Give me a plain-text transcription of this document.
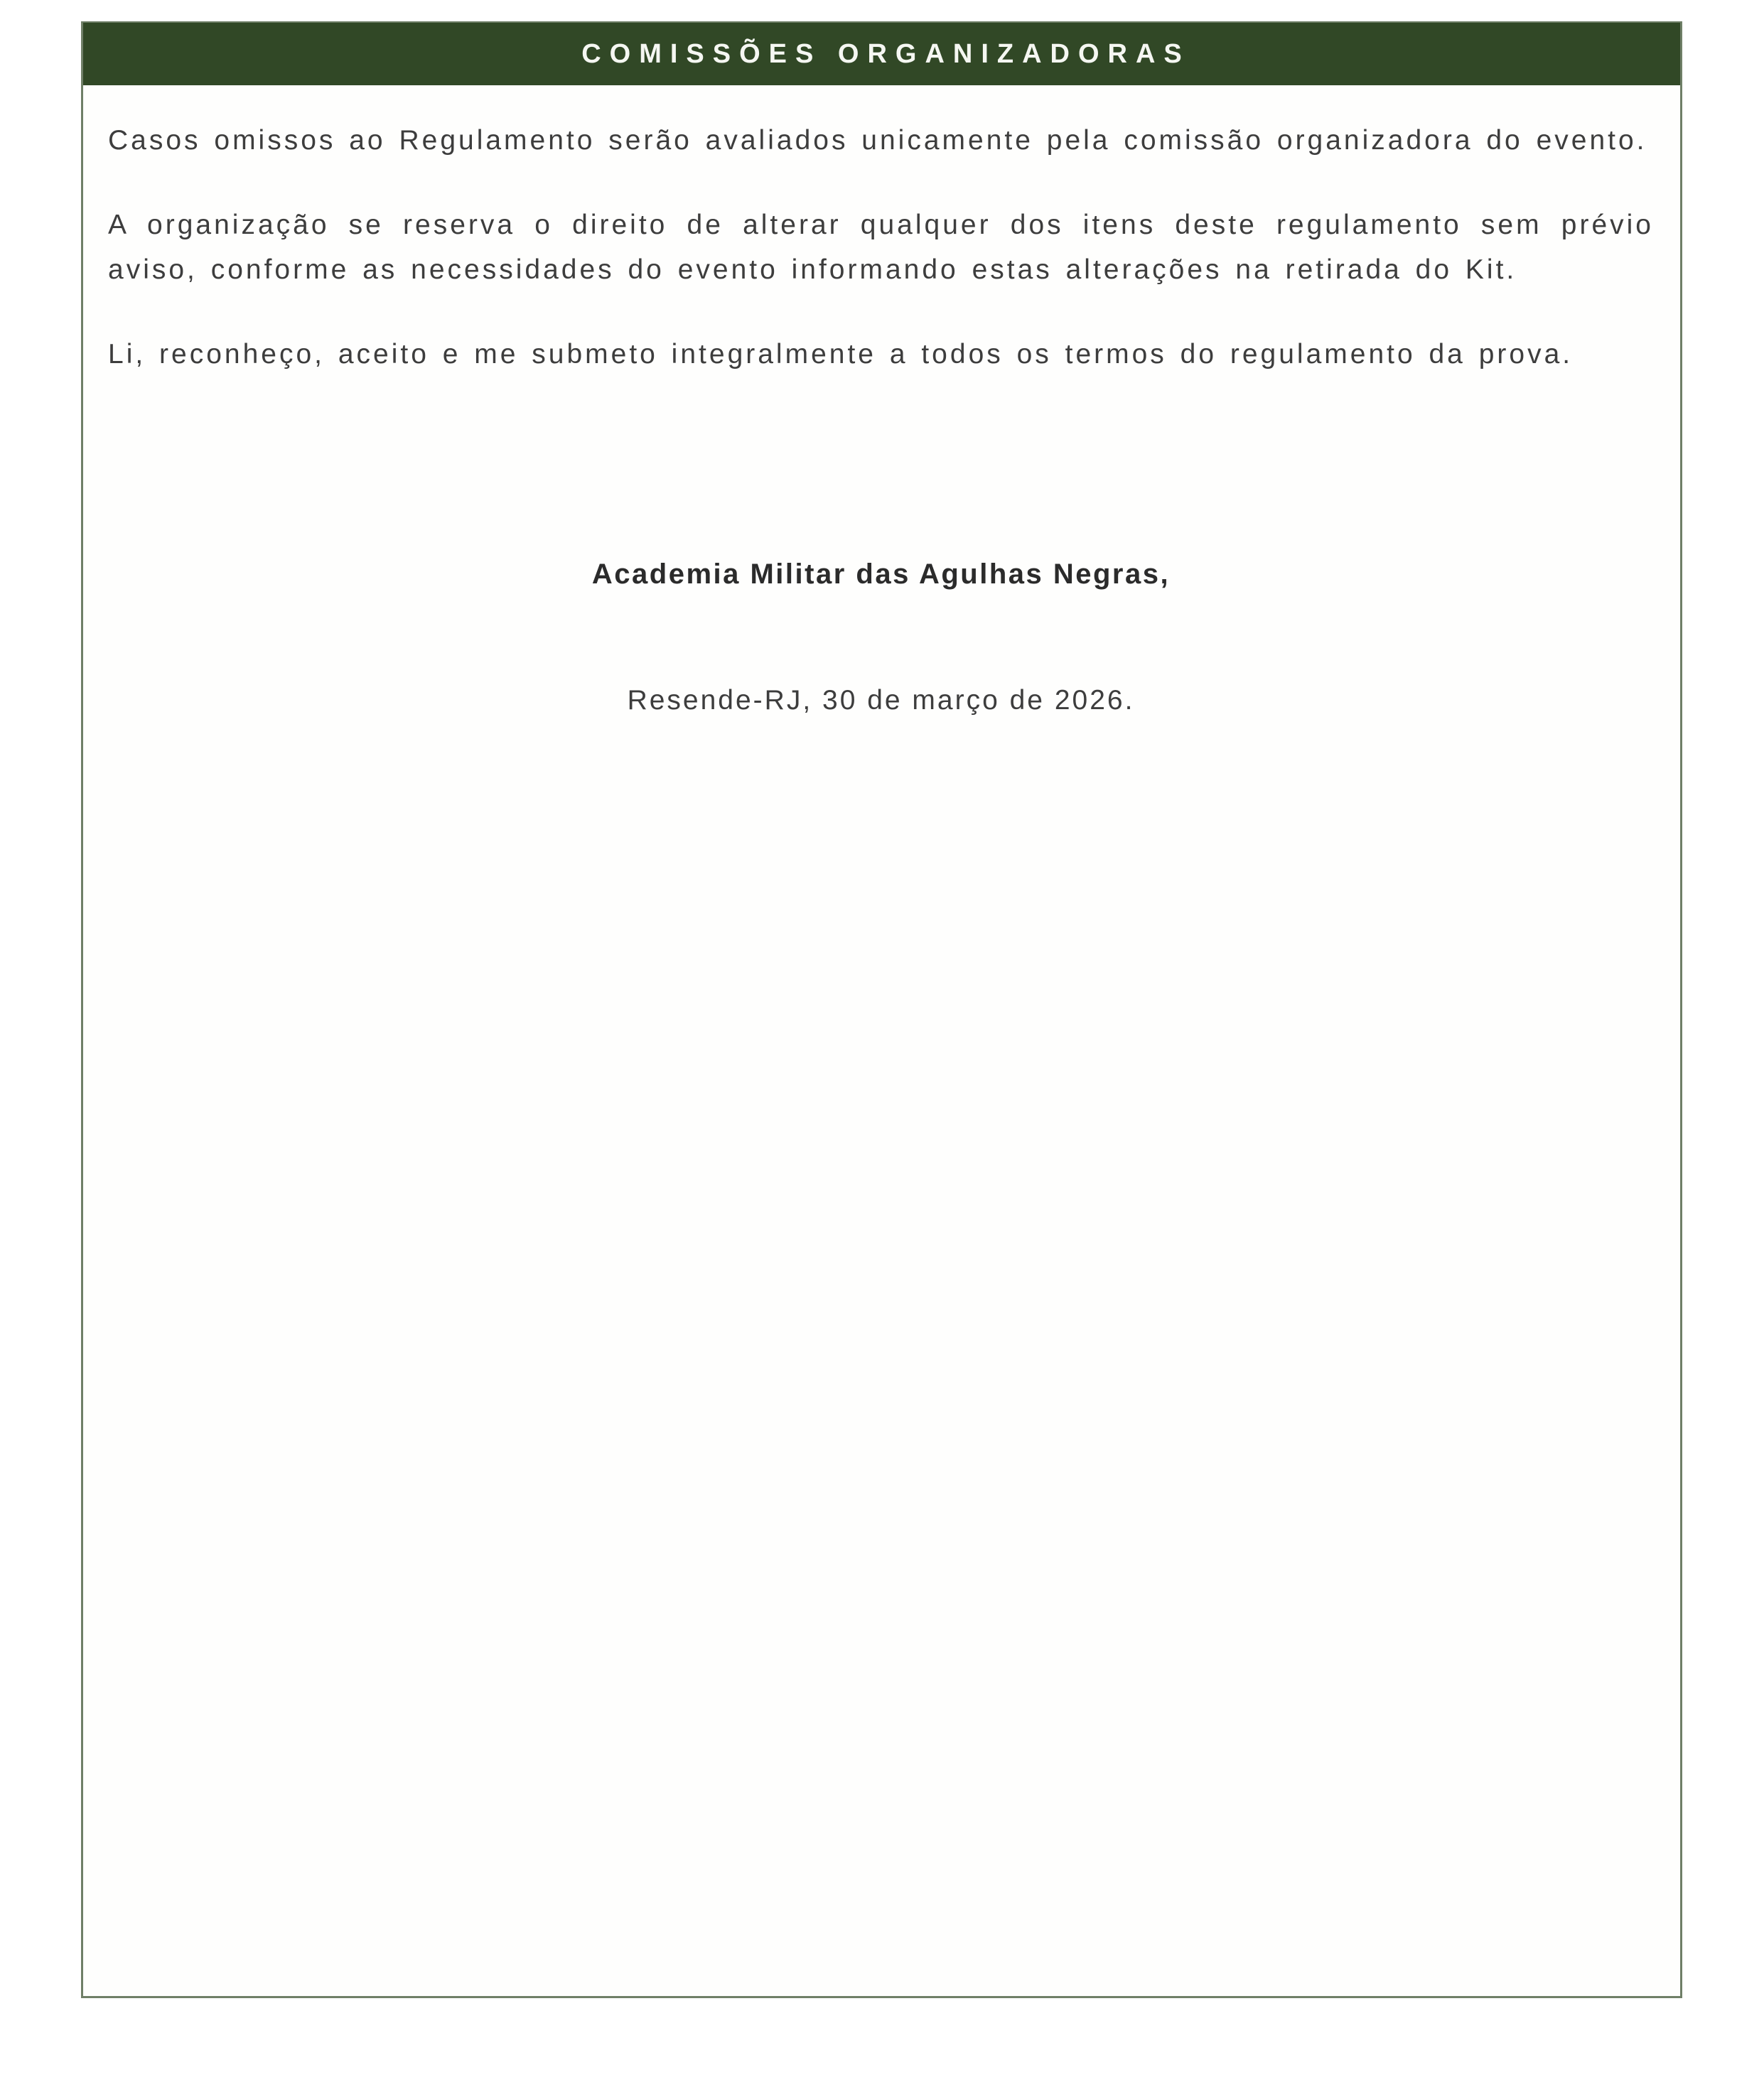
COMISSÕES ORGANIZADORAS

Casos omissos ao Regulamento serão avaliados unicamente pela comissão organizadora do evento.

A organização se reserva o direito de alterar qualquer dos itens deste regulamento sem prévio aviso, conforme as necessidades do evento informando estas alterações na retirada do Kit.

Li, reconheço, aceito e me submeto integralmente a todos os termos do regulamento da prova.

Academia Militar das Agulhas Negras,
Resende-RJ, 30 de março de 2026.
